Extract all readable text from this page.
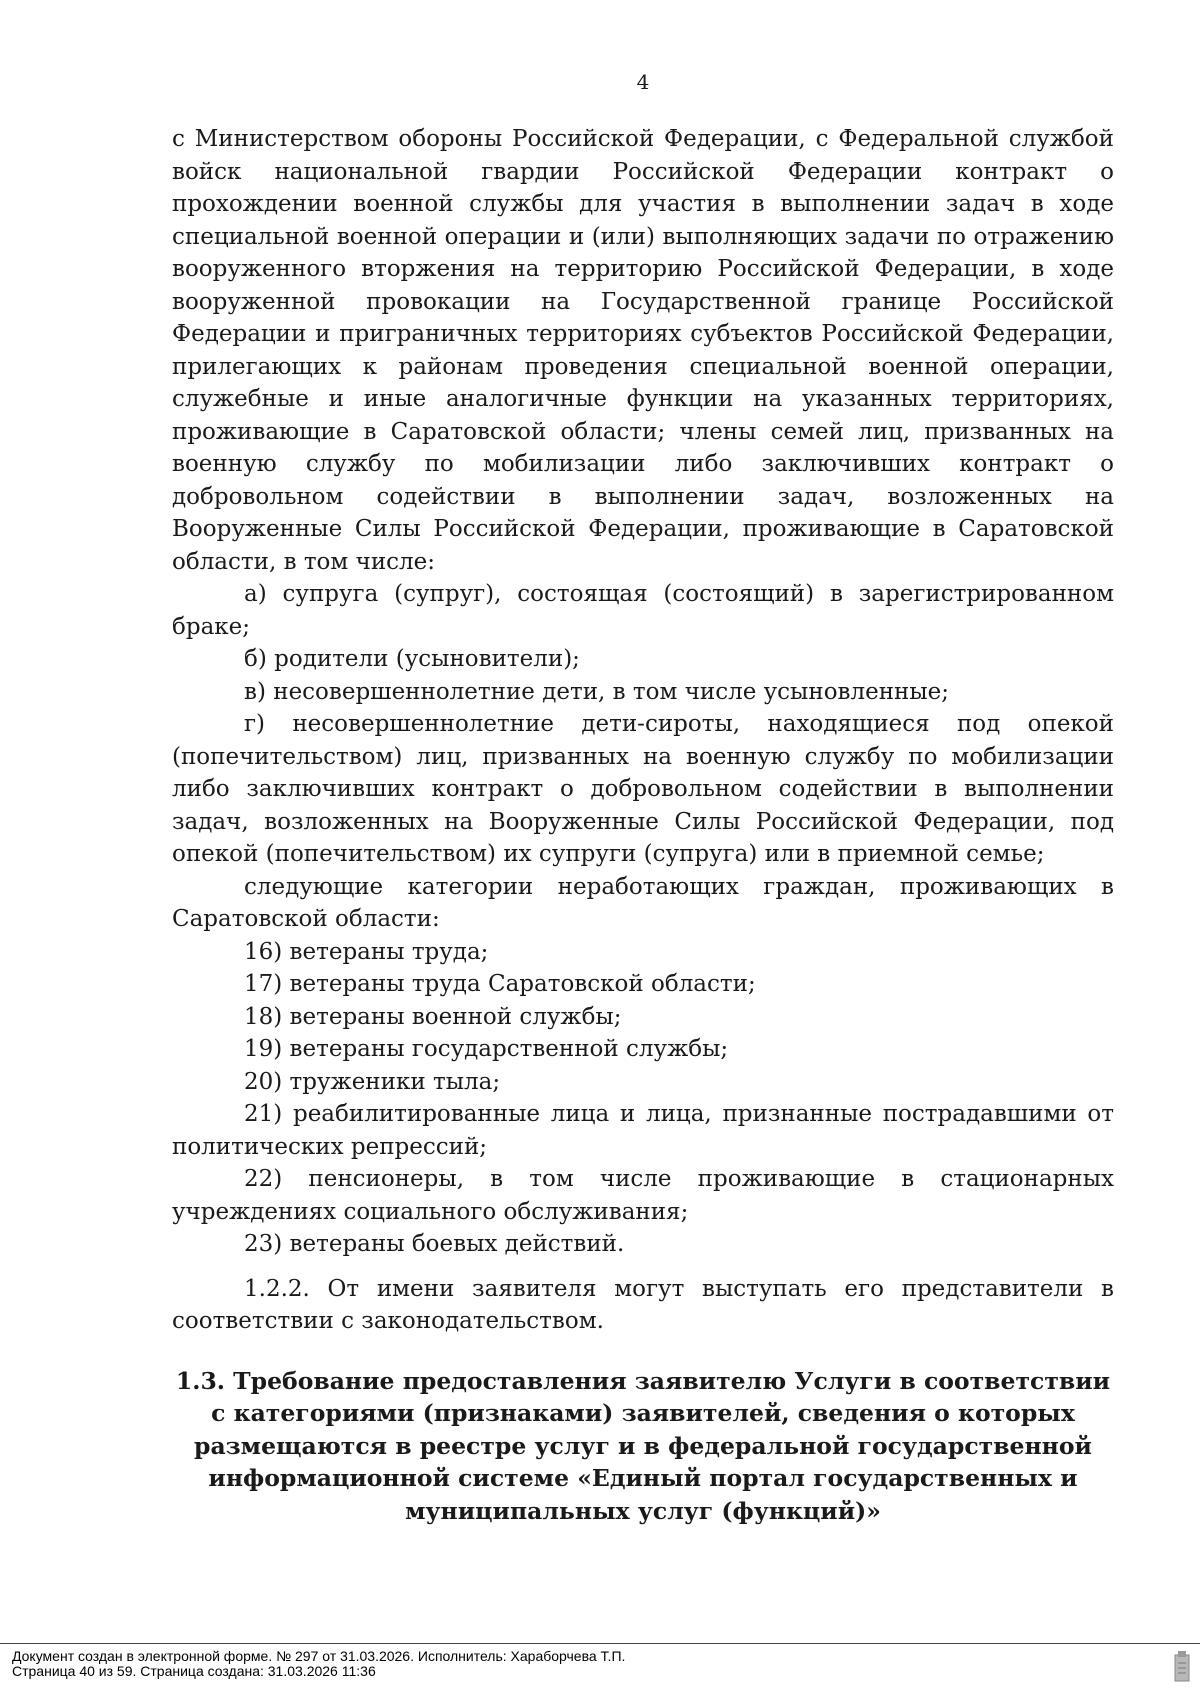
4

с Министерством обороны Российской Федерации, с Федеральной службой войск национальной гвардии Российской Федерации контракт о прохождении военной службы для участия в выполнении задач в ходе специальной военной операции и (или) выполняющих задачи по отражению вооруженного вторжения на территорию Российской Федерации, в ходе вооруженной провокации на Государственной границе Российской Федерации и приграничных территориях субъектов Российской Федерации, прилегающих к районам проведения специальной военной операции, служебные и иные аналогичные функции на указанных территориях, проживающие в Саратовской области; члены семей лиц, призванных на военную службу по мобилизации либо заключивших контракт о добровольном содействии в выполнении задач, возложенных на Вооруженные Силы Российской Федерации, проживающие в Саратовской области, в том числе:

а) супруга (супруг), состоящая (состоящий) в зарегистрированном браке;

б) родители (усыновители);

в) несовершеннолетние дети, в том числе усыновленные;

г) несовершеннолетние дети-сироты, находящиеся под опекой (попечительством) лиц, призванных на военную службу по мобилизации либо заключивших контракт о добровольном содействии в выполнении задач, возложенных на Вооруженные Силы Российской Федерации, под опекой (попечительством) их супруги (супруга) или в приемной семье;

следующие категории неработающих граждан, проживающих в Саратовской области:

16) ветераны труда;

17) ветераны труда Саратовской области;

18) ветераны военной службы;

19) ветераны государственной службы;

20) труженики тыла;

21) реабилитированные лица и лица, признанные пострадавшими от политических репрессий;

22) пенсионеры, в том числе проживающие в стационарных учреждениях социального обслуживания;

23) ветераны боевых действий.

1.2.2. От имени заявителя могут выступать его представители в соответствии с законодательством.

1.3. Требование предоставления заявителю Услуги в соответствии с категориями (признаками) заявителей, сведения о которых размещаются в реестре услуг и в федеральной государственной информационной системе «Единый портал государственных и муниципальных услуг (функций)»
Документ создан в электронной форме. № 297 от 31.03.2026. Исполнитель: Хараборчева Т.П.
Страница 40 из 59. Страница создана: 31.03.2026 11:36
